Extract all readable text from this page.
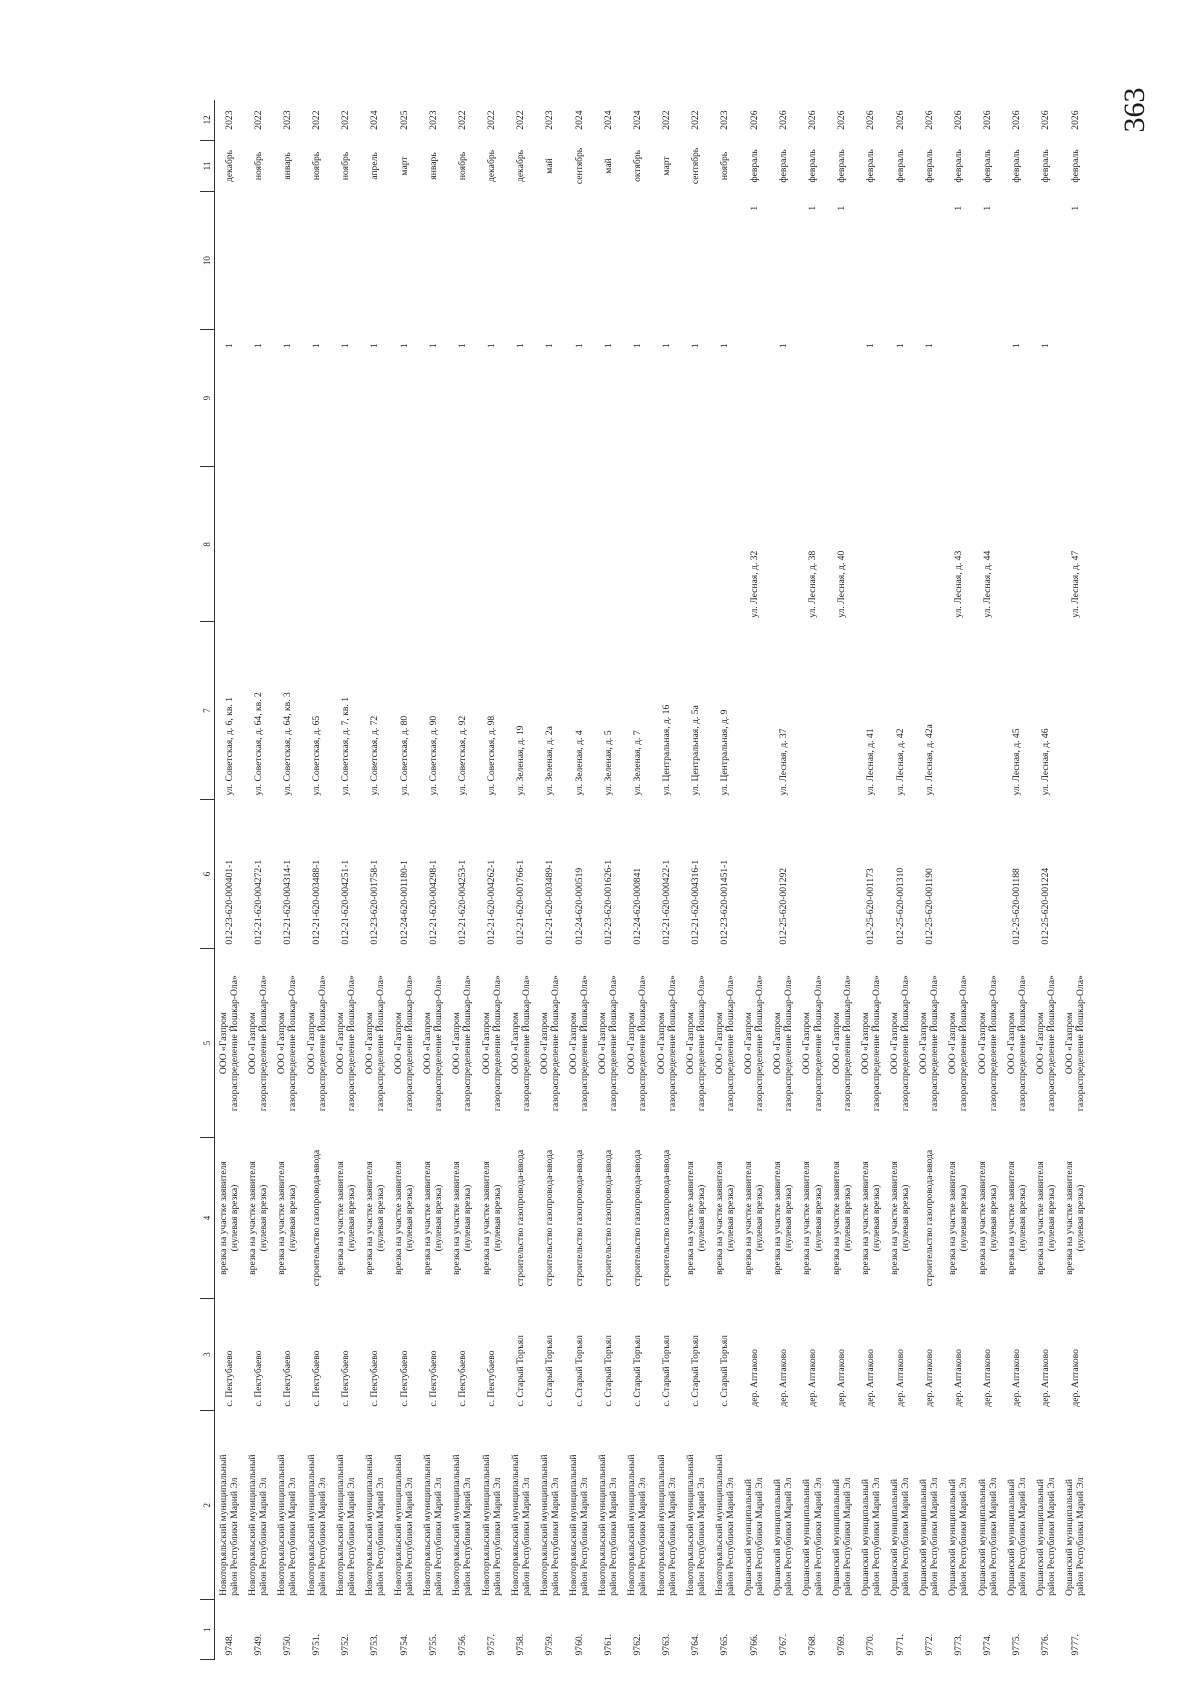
363
1	2	3	4	5	6	7	8	9	10	11	12
9748.	Новоторъяльский муниципальный район Республики Марий Эл	с. Пектубаево	врезка на участке заявителя (нулевая врезка)	ООО «Газпром газораспределение Йошкар-Ола»	012-23-620-000401-1	ул. Советская, д. 6, кв. 1		1		декабрь	2023
9749.	Новоторъяльский муниципальный район Республики Марий Эл	с. Пектубаево	врезка на участке заявителя (нулевая врезка)	ООО «Газпром газораспределение Йошкар-Ола»	012-21-620-004272-1	ул. Советская, д. 64, кв. 2		1		ноябрь	2022
9750.	Новоторъяльский муниципальный район Республики Марий Эл	с. Пектубаево	врезка на участке заявителя (нулевая врезка)	ООО «Газпром газораспределение Йошкар-Ола»	012-21-620-004314-1	ул. Советская, д. 64, кв. 3		1		январь	2023
9751.	Новоторъяльский муниципальный район Республики Марий Эл	с. Пектубаево	строительство газопровода-ввода	ООО «Газпром газораспределение Йошкар-Ола»	012-21-620-003488-1	ул. Советская, д. 65		1		ноябрь	2022
9752.	Новоторъяльский муниципальный район Республики Марий Эл	с. Пектубаево	врезка на участке заявителя (нулевая врезка)	ООО «Газпром газораспределение Йошкар-Ола»	012-21-620-004251-1	ул. Советская, д. 7, кв. 1		1		ноябрь	2022
9753.	Новоторъяльский муниципальный район Республики Марий Эл	с. Пектубаево	врезка на участке заявителя (нулевая врезка)	ООО «Газпром газораспределение Йошкар-Ола»	012-23-620-001758-1	ул. Советская, д. 72		1		апрель	2024
9754.	Новоторъяльский муниципальный район Республики Марий Эл	с. Пектубаево	врезка на участке заявителя (нулевая врезка)	ООО «Газпром газораспределение Йошкар-Ола»	012-24-620-001180-1	ул. Советская, д. 80		1		март	2025
9755.	Новоторъяльский муниципальный район Республики Марий Эл	с. Пектубаево	врезка на участке заявителя (нулевая врезка)	ООО «Газпром газораспределение Йошкар-Ола»	012-21-620-004298-1	ул. Советская, д. 90		1		январь	2023
9756.	Новоторъяльский муниципальный район Республики Марий Эл	с. Пектубаево	врезка на участке заявителя (нулевая врезка)	ООО «Газпром газораспределение Йошкар-Ола»	012-21-620-004253-1	ул. Советская, д. 92		1		ноябрь	2022
9757.	Новоторъяльский муниципальный район Республики Марий Эл	с. Пектубаево	врезка на участке заявителя (нулевая врезка)	ООО «Газпром газораспределение Йошкар-Ола»	012-21-620-004262-1	ул. Советская, д. 98		1		декабрь	2022
9758.	Новоторъяльский муниципальный район Республики Марий Эл	с. Старый Торъял	строительство газопровода-ввода	ООО «Газпром газораспределение Йошкар-Ола»	012-21-620-001766-1	ул. Зеленая, д. 19		1		декабрь	2022
9759.	Новоторъяльский муниципальный район Республики Марий Эл	с. Старый Торъял	строительство газопровода-ввода	ООО «Газпром газораспределение Йошкар-Ола»	012-21-620-003489-1	ул. Зеленая, д. 2а		1		май	2023
9760.	Новоторъяльский муниципальный район Республики Марий Эл	с. Старый Торъял	строительство газопровода-ввода	ООО «Газпром газораспределение Йошкар-Ола»	012-24-620-000519	ул. Зеленая, д. 4		1		сентябрь	2024
9761.	Новоторъяльский муниципальный район Республики Марий Эл	с. Старый Торъял	строительство газопровода-ввода	ООО «Газпром газораспределение Йошкар-Ола»	012-23-620-001626-1	ул. Зеленая, д. 5		1		май	2024
9762.	Новоторъяльский муниципальный район Республики Марий Эл	с. Старый Торъял	строительство газопровода-ввода	ООО «Газпром газораспределение Йошкар-Ола»	012-24-620-000841	ул. Зеленая, д. 7		1		октябрь	2024
9763.	Новоторъяльский муниципальный район Республики Марий Эл	с. Старый Торъял	строительство газопровода-ввода	ООО «Газпром газораспределение Йошкар-Ола»	012-21-620-000422-1	ул. Центральная, д. 16		1		март	2022
9764.	Новоторъяльский муниципальный район Республики Марий Эл	с. Старый Торъял	врезка на участке заявителя (нулевая врезка)	ООО «Газпром газораспределение Йошкар-Ола»	012-21-620-004316-1	ул. Центральная, д. 5а		1		сентябрь	2022
9765.	Новоторъяльский муниципальный район Республики Марий Эл	с. Старый Торъял	врезка на участке заявителя (нулевая врезка)	ООО «Газпром газораспределение Йошкар-Ола»	012-23-620-001451-1	ул. Центральная, д. 9		1		ноябрь	2023
9766.	Оршанский муниципальный район Республики Марий Эл	дер. Аптаково	врезка на участке заявителя (нулевая врезка)	ООО «Газпром газораспределение Йошкар-Ола»			ул. Лесная, д. 32		1	февраль	2026
9767.	Оршанский муниципальный район Республики Марий Эл	дер. Аптаково	врезка на участке заявителя (нулевая врезка)	ООО «Газпром газораспределение Йошкар-Ола»	012-25-620-001292	ул. Лесная, д. 37		1		февраль	2026
9768.	Оршанский муниципальный район Республики Марий Эл	дер. Аптаково	врезка на участке заявителя (нулевая врезка)	ООО «Газпром газораспределение Йошкар-Ола»			ул. Лесная, д. 38		1	февраль	2026
9769.	Оршанский муниципальный район Республики Марий Эл	дер. Аптаково	врезка на участке заявителя (нулевая врезка)	ООО «Газпром газораспределение Йошкар-Ола»			ул. Лесная, д. 40		1	февраль	2026
9770.	Оршанский муниципальный район Республики Марий Эл	дер. Аптаково	врезка на участке заявителя (нулевая врезка)	ООО «Газпром газораспределение Йошкар-Ола»	012-25-620-001173	ул. Лесная, д. 41		1		февраль	2026
9771.	Оршанский муниципальный район Республики Марий Эл	дер. Аптаково	врезка на участке заявителя (нулевая врезка)	ООО «Газпром газораспределение Йошкар-Ола»	012-25-620-001310	ул. Лесная, д. 42		1		февраль	2026
9772.	Оршанский муниципальный район Республики Марий Эл	дер. Аптаково	строительство газопровода-ввода	ООО «Газпром газораспределение Йошкар-Ола»	012-25-620-001190	ул. Лесная, д. 42а		1		февраль	2026
9773.	Оршанский муниципальный район Республики Марий Эл	дер. Аптаково	врезка на участке заявителя (нулевая врезка)	ООО «Газпром газораспределение Йошкар-Ола»			ул. Лесная, д. 43		1	февраль	2026
9774.	Оршанский муниципальный район Республики Марий Эл	дер. Аптаково	врезка на участке заявителя (нулевая врезка)	ООО «Газпром газораспределение Йошкар-Ола»			ул. Лесная, д. 44		1	февраль	2026
9775.	Оршанский муниципальный район Республики Марий Эл	дер. Аптаково	врезка на участке заявителя (нулевая врезка)	ООО «Газпром газораспределение Йошкар-Ола»	012-25-620-001188	ул. Лесная, д. 45		1		февраль	2026
9776.	Оршанский муниципальный район Республики Марий Эл	дер. Аптаково	врезка на участке заявителя (нулевая врезка)	ООО «Газпром газораспределение Йошкар-Ола»	012-25-620-001224	ул. Лесная, д. 46		1		февраль	2026
9777.	Оршанский муниципальный район Республики Марий Эл	дер. Аптаково	врезка на участке заявителя (нулевая врезка)	ООО «Газпром газораспределение Йошкар-Ола»			ул. Лесная, д. 47		1	февраль	2026
